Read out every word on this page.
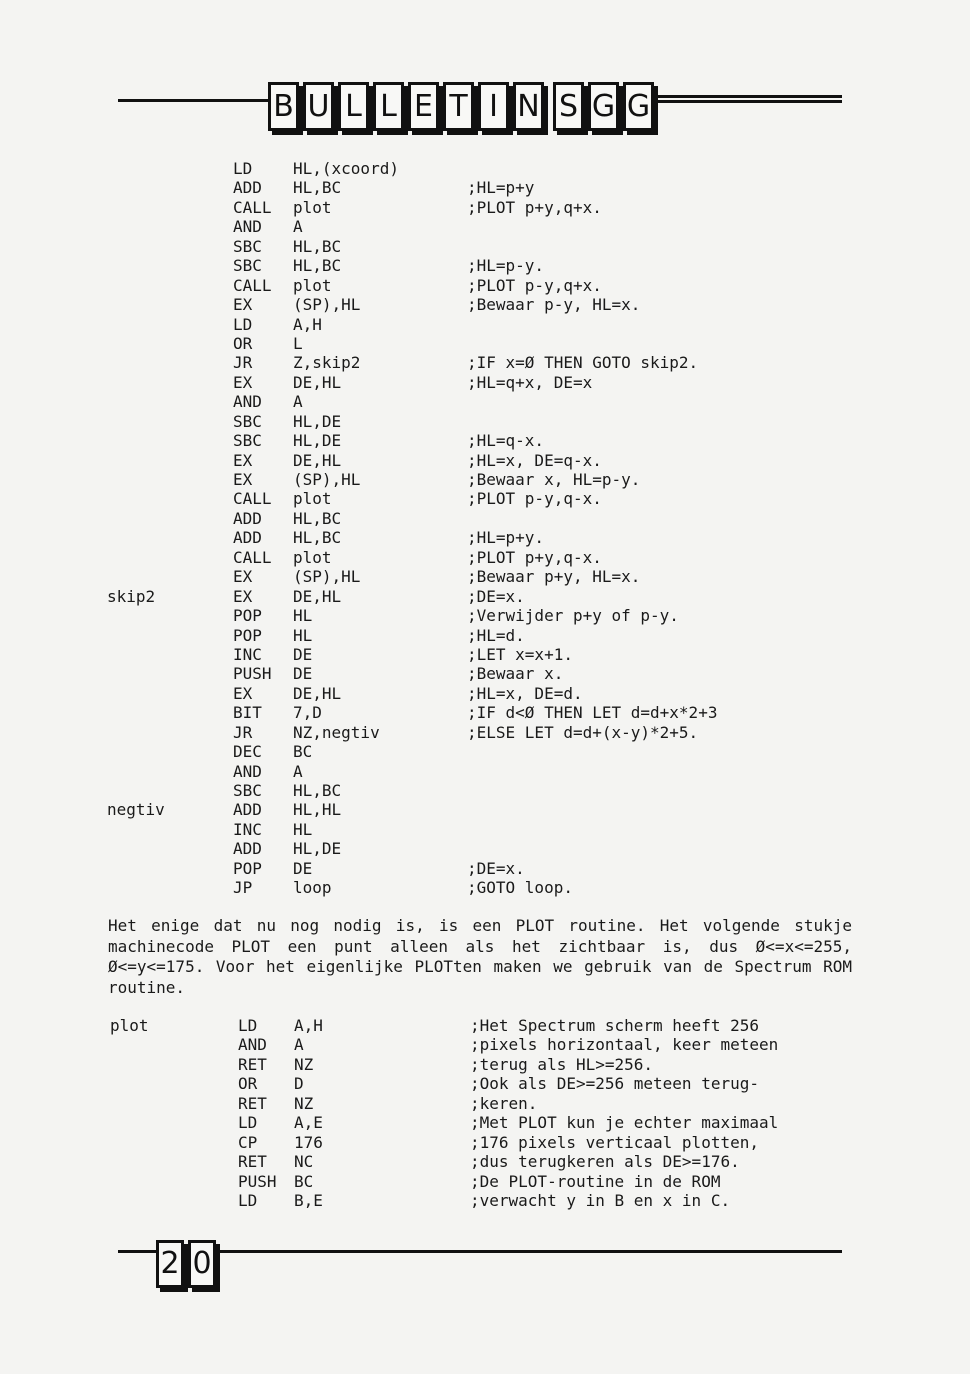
B U L L E T I N S G G
LD	HL,(xcoord)
ADD HL,BC	;HL=p+y
CALL plot	;PLOT p+y,q+x.
AND A
SBC HL,BC
SBC HL,BC	;HL=p-y.
CALL plot	;PLOT p-y,q+x.
EX	(SP),HL	;Bewaar p-y, HL=x.
LD	A,H
OR	L
JR	Z,skip2	;IF x=Ø THEN GOTO skip2.
EX	DE,HL	;HL=q+x, DE=x
AND A
SBC HL,DE
SBC HL,DE	;HL=q-x.
EX	DE,HL	;HL=x, DE=q-x.
EX	(SP),HL	;Bewaar x, HL=p-y.
CALL plot	;PLOT p-y,q-x.
ADD HL,BC
ADD HL,BC	;HL=p+y.
CALL plot	;PLOT p+y,q-x.
EX	(SP),HL	;Bewaar p+y, HL=x.
skip2	EX	DE,HL	;DE=x.
POP HL	;Verwijder p+y of p-y.
POP HL	;HL=d.
INC DE	;LET x=x+1.
PUSH DE	;Bewaar x.
EX	DE,HL	;HL=x, DE=d.
BIT 7,D	;IF d<Ø THEN LET d=d+x*2+3
JR	NZ,negtiv	;ELSE LET d=d+(x-y)*2+5.
DEC BC
AND A
SBC HL,BC
negtiv	ADD HL,HL
INC HL
ADD HL,DE
POP DE	;DE=x.
JP	loop	;GOTO loop.
Het enige dat nu nog nodig is, is een PLOT routine. Het volgende stukje machinecode PLOT een punt alleen als het zichtbaar is, dus Ø<=x<=255, Ø<=y<=175. Voor het eigenlijke PLOTten maken we gebruik van de Spectrum ROM routine.
plot	LD A,H	;Het Spectrum scherm heeft 256
AND A	;pixels horizontaal, keer meteen
RET NZ	;terug als HL>=256.
OR D	;Ook als DE>=256 meteen terug-
RET NZ	;keren.
LD A,E	;Met PLOT kun je echter maximaal
CP 176	;176 pixels verticaal plotten,
RET NC	;dus terugkeren als DE>=176.
PUSH BC	;De PLOT-routine in de ROM
LD B,E	;verwacht y in B en x in C.
2 0
